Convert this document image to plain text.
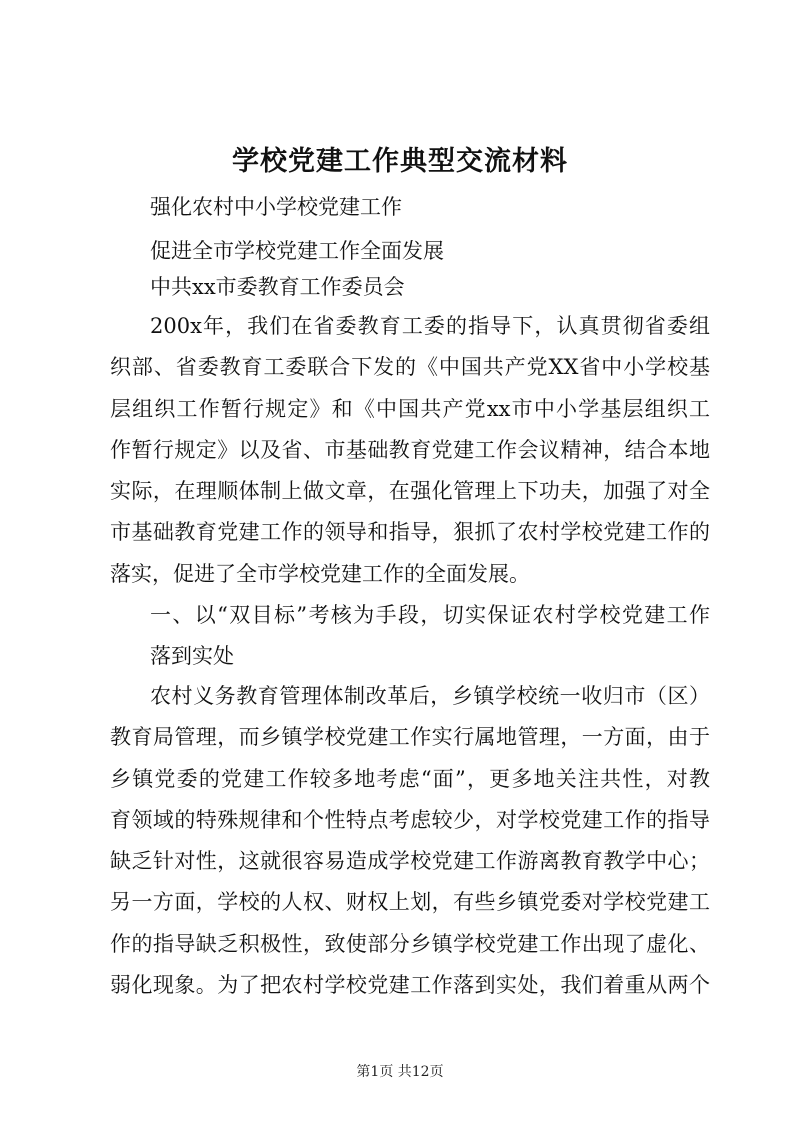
学校党建工作典型交流材料
强化农村中小学校党建工作
促进全市学校党建工作全面发展
中共xx市委教育工作委员会
200x年，我们在省委教育工委的指导下，认真贯彻省委组
织部、省委教育工委联合下发的《中国共产党XX省中小学校基
层组织工作暂行规定》和《中国共产党xx市中小学基层组织工
作暂行规定》以及省、市基础教育党建工作会议精神，结合本地
实际，在理顺体制上做文章，在强化管理上下功夫，加强了对全
市基础教育党建工作的领导和指导，狠抓了农村学校党建工作的
落实，促进了全市学校党建工作的全面发展。
一、以“双目标”考核为手段，切实保证农村学校党建工作
落到实处
农村义务教育管理体制改革后，乡镇学校统一收归市（区）
教育局管理，而乡镇学校党建工作实行属地管理，一方面，由于
乡镇党委的党建工作较多地考虑“面”，更多地关注共性，对教
育领域的特殊规律和个性特点考虑较少，对学校党建工作的指导
缺乏针对性，这就很容易造成学校党建工作游离教育教学中心；
另一方面，学校的人权、财权上划，有些乡镇党委对学校党建工
作的指导缺乏积极性，致使部分乡镇学校党建工作出现了虚化、
弱化现象。为了把农村学校党建工作落到实处，我们着重从两个
第1页 共12页
